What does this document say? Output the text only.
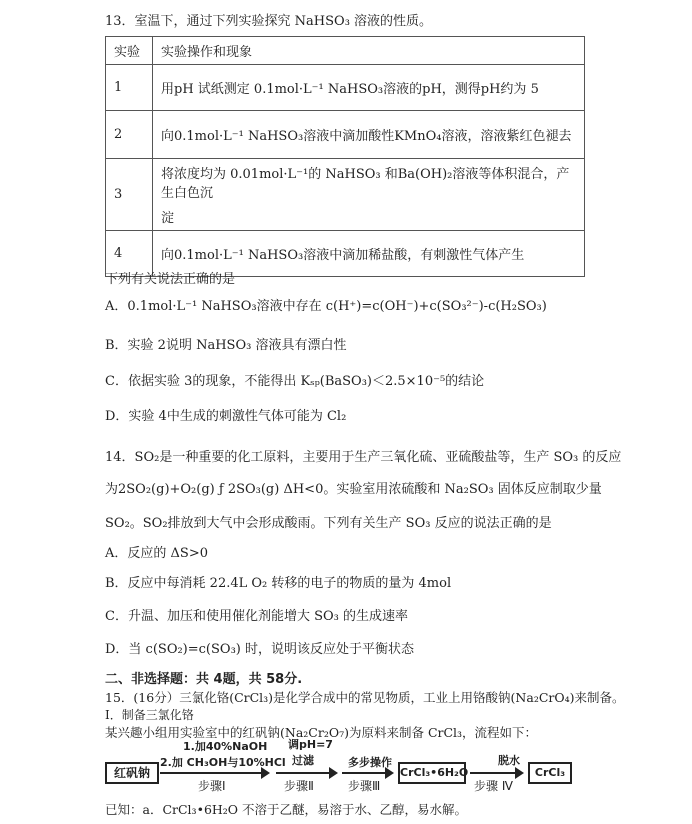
13．室温下，通过下列实验探究 NaHSO₃ 溶液的性质。
实验	实验操作和现象
1	用pH 试纸测定 0.1mol·L⁻¹ NaHSO₃溶液的pH，测得pH约为 5
2	向0.1mol·L⁻¹ NaHSO₃溶液中滴加酸性KMnO₄溶液，溶液紫红色褪去
3	将浓度均为 0.01mol·L⁻¹的 NaHSO₃ 和Ba(OH)₂溶液等体积混合，产生白色沉
淀

4	向0.1mol·L⁻¹ NaHSO₃溶液中滴加稀盐酸，有刺激性气体产生
下列有关说法正确的是
A．0.1mol·L⁻¹ NaHSO₃溶液中存在 c(H⁺)=c(OH⁻)+c(SO₃²⁻)-c(H₂SO₃)
B．实验 2说明 NaHSO₃ 溶液具有漂白性
C．依据实验 3的现象，不能得出 Kₛₚ(BaSO₃)＜2.5×10⁻⁵的结论
D．实验 4中生成的刺激性气体可能为 Cl₂
14．SO₂是一种重要的化工原料，主要用于生产三氧化硫、亚硫酸盐等，生产 SO₃ 的反应
为2SO₂(g)+O₂(g) ƒ 2SO₃(g) ΔH<0。实验室用浓硫酸和 Na₂SO₃ 固体反应制取少量
SO₂。SO₂排放到大气中会形成酸雨。下列有关生产 SO₃ 反应的说法正确的是
A．反应的 ΔS>0
B．反应中每消耗 22.4L O₂ 转移的电子的物质的量为 4mol
C．升温、加压和使用催化剂能增大 SO₃ 的生成速率
D．当 c(SO₂)=c(SO₃) 时，说明该反应处于平衡状态
二、非选择题：共 4题，共 58分.
15．(16分）三氯化铬(CrCl₃)是化学合成中的常见物质，工业上用铬酸钠(Na₂CrO₄)来制备。
Ⅰ．制备三氯化铬
某兴趣小组用实验室中的红矾钠(Na₂Cr₂O₇)为原料来制备 CrCl₃，流程如下：
红矾钠
1.加40%NaOH
2.加 CH₃OH与10%HCl
步骤Ⅰ
调pH=7
过滤
步骤Ⅱ
多步操作
步骤Ⅲ
CrCl₃•6H₂O
脱水
步骤 Ⅳ
CrCl₃
已知：a．CrCl₃•6H₂O 不溶于乙醚，易溶于水、乙醇，易水解。
